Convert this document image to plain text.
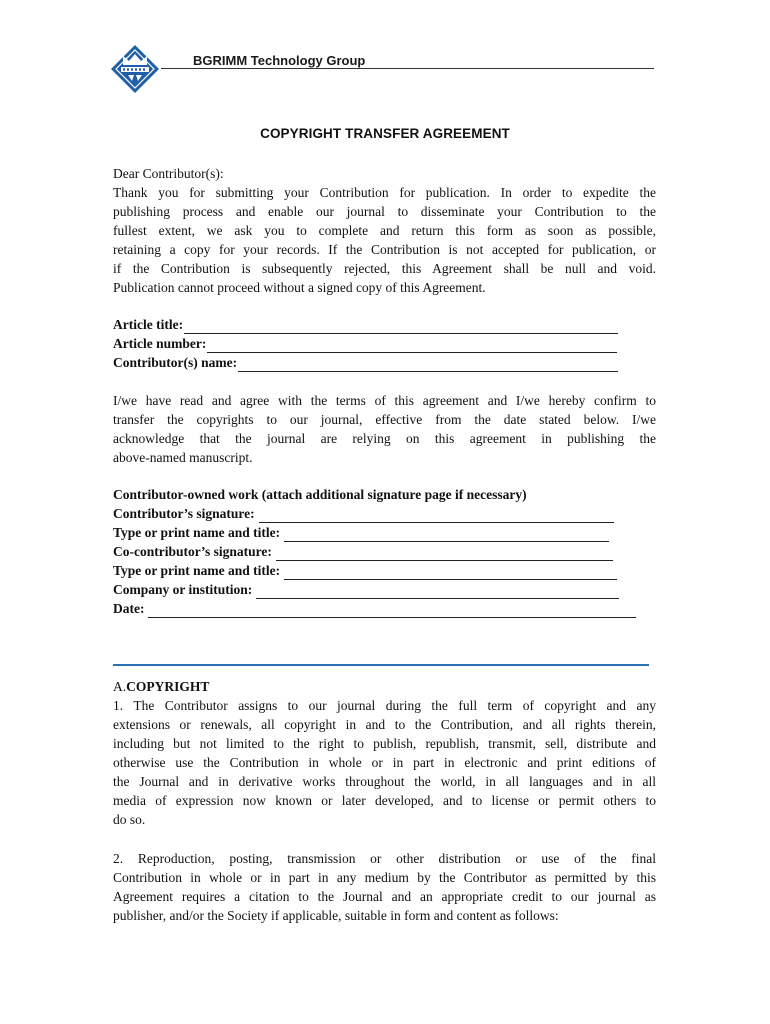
BGRIMM Technology Group
COPYRIGHT TRANSFER AGREEMENT
Dear Contributor(s):
Thank you for submitting your Contribution for publication. In order to expedite the
publishing process and enable our journal to disseminate your Contribution to the
fullest extent, we ask you to complete and return this form as soon as possible,
retaining a copy for your records. If the Contribution is not accepted for publication, or
if the Contribution is subsequently rejected, this Agreement shall be null and void.
Publication cannot proceed without a signed copy of this Agreement.
Article title:
Article number:
Contributor(s) name:
I/we have read and agree with the terms of this agreement and I/we hereby confirm to
transfer the copyrights to our journal, effective from the date stated below. I/we
acknowledge that the journal are relying on this agreement in publishing the
above-named manuscript.
Contributor-owned work (attach additional signature page if necessary)
Contributor’s signature:
Type or print name and title:
Co-contributor’s signature:
Type or print name and title:
Company or institution:
Date:
A.COPYRIGHT
1. The Contributor assigns to our journal during the full term of copyright and any
extensions or renewals, all copyright in and to the Contribution, and all rights therein,
including but not limited to the right to publish, republish, transmit, sell, distribute and
otherwise use the Contribution in whole or in part in electronic and print editions of
the Journal and in derivative works throughout the world, in all languages and in all
media of expression now known or later developed, and to license or permit others to
do so.
2. Reproduction, posting, transmission or other distribution or use of the final
Contribution in whole or in part in any medium by the Contributor as permitted by this
Agreement requires a citation to the Journal and an appropriate credit to our journal as
publisher, and/or the Society if applicable, suitable in form and content as follows:
